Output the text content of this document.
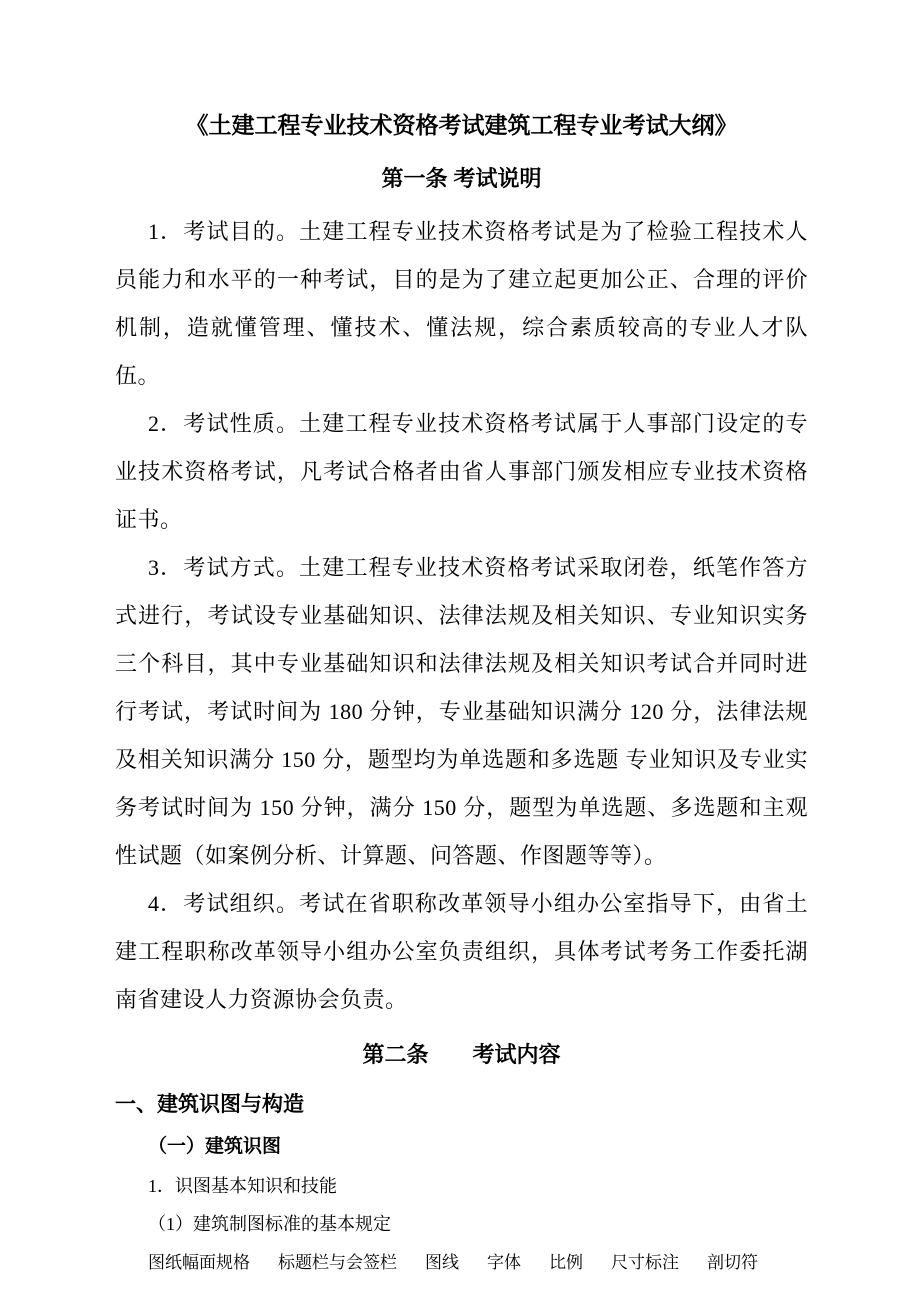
《土建工程专业技术资格考试建筑工程专业考试大纲》
第一条 考试说明

1．考试目的。土建工程专业技术资格考试是为了检验工程技术人员能力和水平的一种考试，目的是为了建立起更加公正、合理的评价机制，造就懂管理、懂技术、懂法规，综合素质较高的专业人才队伍。

2．考试性质。土建工程专业技术资格考试属于人事部门设定的专业技术资格考试，凡考试合格者由省人事部门颁发相应专业技术资格证书。

3．考试方式。土建工程专业技术资格考试采取闭卷，纸笔作答方式进行，考试设专业基础知识、法律法规及相关知识、专业知识实务三个科目，其中专业基础知识和法律法规及相关知识考试合并同时进行考试，考试时间为 180 分钟，专业基础知识满分 120 分，法律法规及相关知识满分 150 分，题型均为单选题和多选题 专业知识及专业实务考试时间为 150 分钟，满分 150 分，题型为单选题、多选题和主观性试题（如案例分析、计算题、问答题、作图题等等）。

4．考试组织。考试在省职称改革领导小组办公室指导下，由省土建工程职称改革领导小组办公室负责组织，具体考试考务工作委托湖南省建设人力资源协会负责。

第二条　　考试内容
一、建筑识图与构造
（一）建筑识图
1．识图基本知识和技能
（1）建筑制图标准的基本规定
图纸幅面规格 标题栏与会签栏 图线 字体 比例 尺寸标注 剖切符
